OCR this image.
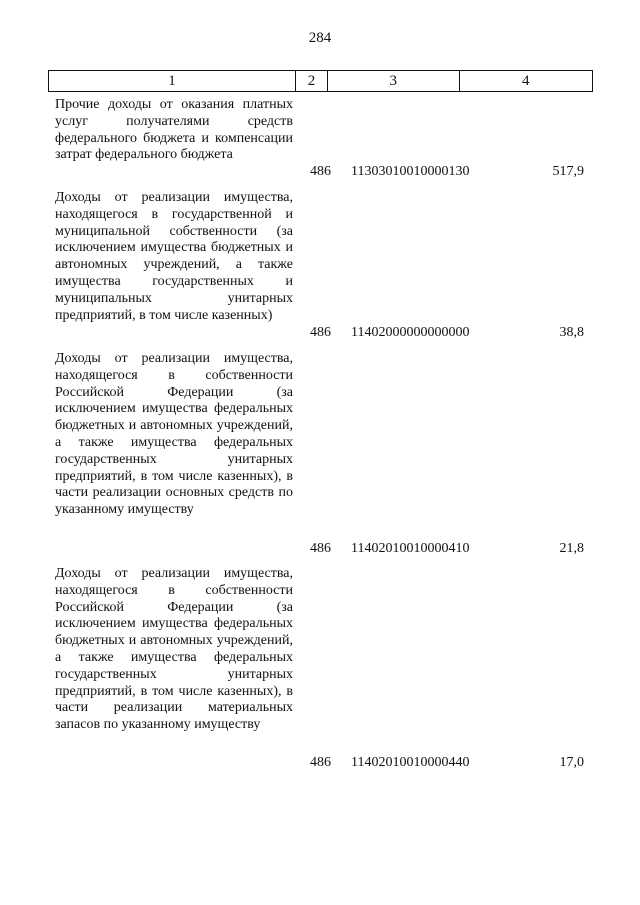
284
1	2	3	4
Прочие доходы от оказания платных услуг получателями средств федерального бюджета и компенсации затрат федерального бюджета
486 11303010010000130	517,9
Доходы от реализации имущества, находящегося в государственной и муниципальной собственности (за исключением имущества бюджетных и автономных учреждений, а также имущества государственных и муниципальных унитарных предприятий, в том числе казенных)
486 11402000000000000	38,8
Доходы от реализации имущества, находящегося в собственности Российской Федерации (за исключением имущества федеральных бюджетных и автономных учреждений, а также имущества федеральных государственных унитарных предприятий, в том числе казенных), в части реализации основных средств по указанному имуществу
486 11402010010000410	21,8
Доходы от реализации имущества, находящегося в собственности Российской Федерации (за исключением имущества федеральных бюджетных и автономных учреждений, а также имущества федеральных государственных унитарных предприятий, в том числе казенных), в части реализации материальных запасов по указанному имуществу
486 11402010010000440	17,0
